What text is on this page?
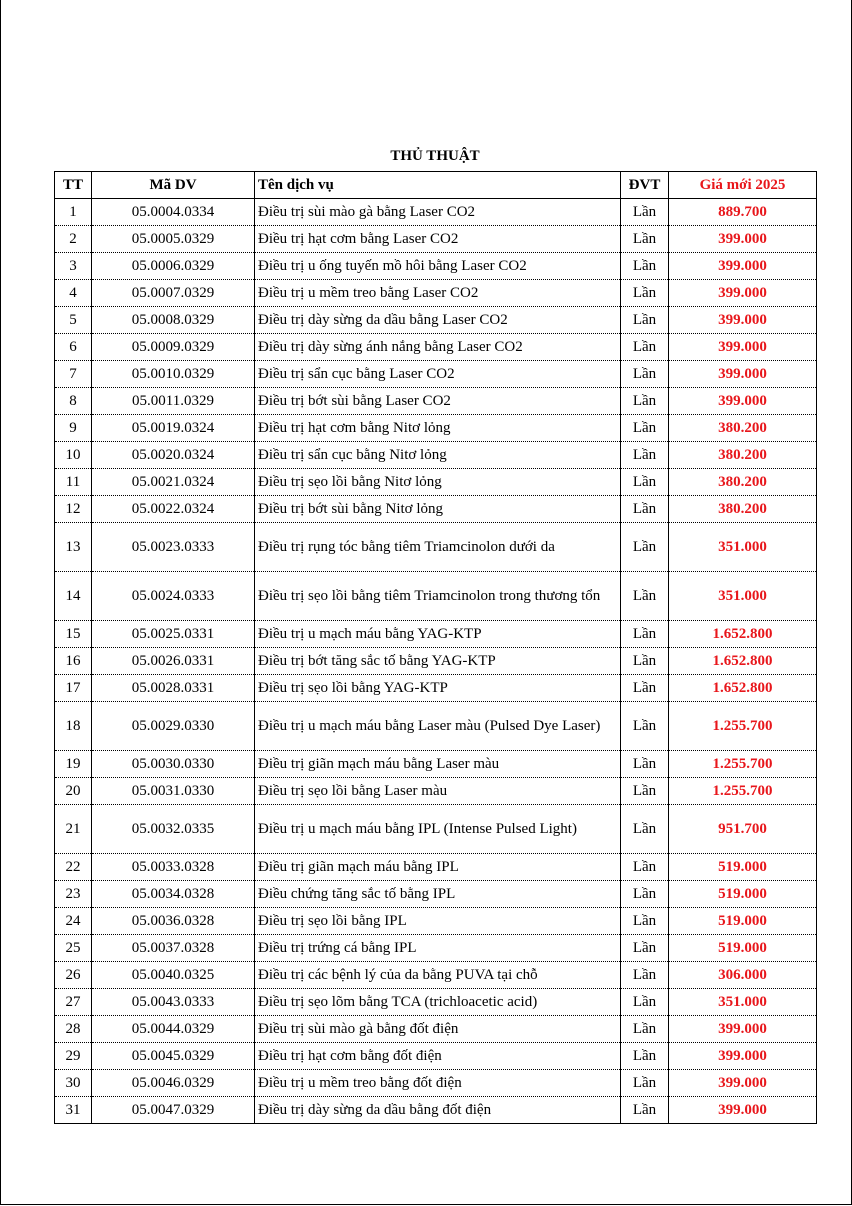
THỦ THUẬT
TT	Mã DV	Tên dịch vụ	ĐVT	Giá mới 2025
1	05.0004.0334	Điều trị sùi mào gà bằng Laser CO2	Lần	889.700
2	05.0005.0329	Điều trị hạt cơm bằng Laser CO2	Lần	399.000
3	05.0006.0329	Điều trị u ống tuyến mồ hôi bằng Laser CO2	Lần	399.000
4	05.0007.0329	Điều trị u mềm treo bằng Laser CO2	Lần	399.000
5	05.0008.0329	Điều trị dày sừng da dầu bằng Laser CO2	Lần	399.000
6	05.0009.0329	Điều trị dày sừng ánh nắng bằng Laser CO2	Lần	399.000
7	05.0010.0329	Điều trị sẩn cục bằng Laser CO2	Lần	399.000
8	05.0011.0329	Điều trị bớt sùi bằng Laser CO2	Lần	399.000
9	05.0019.0324	Điều trị hạt cơm bằng Nitơ lỏng	Lần	380.200
10	05.0020.0324	Điều trị sẩn cục bằng Nitơ lỏng	Lần	380.200
11	05.0021.0324	Điều trị sẹo lồi bằng Nitơ lỏng	Lần	380.200
12	05.0022.0324	Điều trị bớt sùi bằng Nitơ lỏng	Lần	380.200
13	05.0023.0333	Điều trị rụng tóc bằng tiêm Triamcinolon dưới da	Lần	351.000
14	05.0024.0333	Điều trị sẹo lồi bằng tiêm Triamcinolon trong thương tổn	Lần	351.000
15	05.0025.0331	Điều trị u mạch máu bằng YAG-KTP	Lần	1.652.800
16	05.0026.0331	Điều trị bớt tăng sắc tố bằng YAG-KTP	Lần	1.652.800
17	05.0028.0331	Điều trị sẹo lồi bằng YAG-KTP	Lần	1.652.800
18	05.0029.0330	Điều trị u mạch máu bằng Laser màu (Pulsed Dye Laser)	Lần	1.255.700
19	05.0030.0330	Điều trị giãn mạch máu bằng Laser màu	Lần	1.255.700
20	05.0031.0330	Điều trị sẹo lồi bằng Laser màu	Lần	1.255.700
21	05.0032.0335	Điều trị u mạch máu bằng IPL (Intense Pulsed Light)	Lần	951.700
22	05.0033.0328	Điều trị giãn mạch máu bằng IPL	Lần	519.000
23	05.0034.0328	Điều chứng tăng sắc tố bằng IPL	Lần	519.000
24	05.0036.0328	Điều trị sẹo lồi bằng IPL	Lần	519.000
25	05.0037.0328	Điều trị trứng cá bằng IPL	Lần	519.000
26	05.0040.0325	Điều trị các bệnh lý của da bằng PUVA tại chỗ	Lần	306.000
27	05.0043.0333	Điều trị sẹo lõm bằng TCA (trichloacetic acid)	Lần	351.000
28	05.0044.0329	Điều trị sùi mào gà bằng đốt điện	Lần	399.000
29	05.0045.0329	Điều trị hạt cơm bằng đốt điện	Lần	399.000
30	05.0046.0329	Điều trị u mềm treo bằng đốt điện	Lần	399.000
31	05.0047.0329	Điều trị dày sừng da dầu bằng đốt điện	Lần	399.000
